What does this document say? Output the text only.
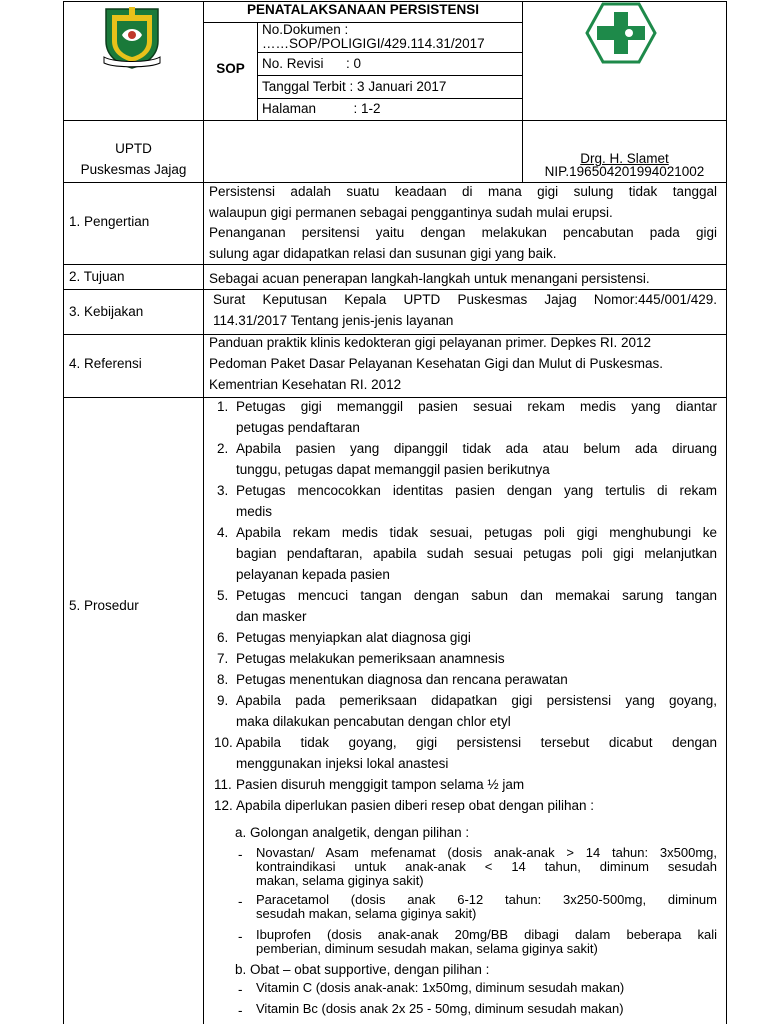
PENATALAKSANAAN PERSISTENSI
SOP
No.Dokumen :
……SOP/POLIGIGI/429.114.31/2017
No. Revisi      : 0
Tanggal Terbit : 3 Januari 2017
Halaman          : 1-2
UPTD
Puskesmas Jajag
Drg. H. Slamet
NIP.196504201994021002
1. Pengertian
Persistensi adalah suatu keadaan di mana gigi sulung tidak tanggal
walaupun gigi permanen sebagai penggantinya sudah mulai erupsi.
Penanganan persitensi yaitu dengan melakukan pencabutan pada gigi
sulung agar didapatkan relasi dan susunan gigi yang baik.
2. Tujuan	Sebagai acuan penerapan langkah-langkah untuk menangani persistensi.
3. Kebijakan
Surat Keputusan Kepala UPTD Puskesmas Jajag Nomor:445/001/429.
114.31/2017 Tentang jenis-jenis layanan
4. Referensi
Panduan praktik klinis kedokteran gigi pelayanan primer. Depkes RI. 2012
Pedoman Paket Dasar Pelayanan Kesehatan Gigi dan Mulut di Puskesmas.
Kementrian Kesehatan RI. 2012
5. Prosedur
1. Petugas gigi memanggil pasien sesuai rekam medis yang diantar
petugas pendaftaran
2. Apabila pasien yang dipanggil tidak ada atau belum ada diruang
tunggu, petugas dapat memanggil pasien berikutnya
3. Petugas mencocokkan identitas pasien dengan yang tertulis di rekam
medis
4. Apabila rekam medis tidak sesuai, petugas poli gigi menghubungi ke
bagian pendaftaran, apabila sudah sesuai petugas poli gigi melanjutkan
pelayanan kepada pasien
5. Petugas mencuci tangan dengan sabun dan memakai sarung tangan
dan masker
6. Petugas menyiapkan alat diagnosa gigi
7. Petugas melakukan pemeriksaan anamnesis
8. Petugas menentukan diagnosa dan rencana perawatan
9. Apabila pada pemeriksaan didapatkan gigi persistensi yang goyang,
maka dilakukan pencabutan dengan chlor etyl
10. Apabila tidak goyang, gigi persistensi tersebut dicabut dengan
menggunakan injeksi lokal anastesi
11. Pasien disuruh menggigit tampon selama ½ jam
12. Apabila diperlukan pasien diberi resep obat dengan pilihan :
a. Golongan analgetik, dengan pilihan :
b. Obat – obat supportive, dengan pilihan :
- Novastan/ Asam mefenamat (dosis anak-anak > 14 tahun: 3x500mg,
kontraindikasi untuk anak-anak < 14 tahun, diminum sesudah
makan, selama giginya sakit)
- Paracetamol (dosis anak 6-12 tahun: 3x250-500mg, diminum
sesudah makan, selama giginya sakit)
- Ibuprofen (dosis anak-anak 20mg/BB dibagi dalam beberapa kali
pemberian, diminum sesudah makan, selama giginya sakit)
- Vitamin C (dosis anak-anak: 1x50mg, diminum sesudah makan)
- Vitamin Bc (dosis anak 2x 25 - 50mg, diminum sesudah makan)
